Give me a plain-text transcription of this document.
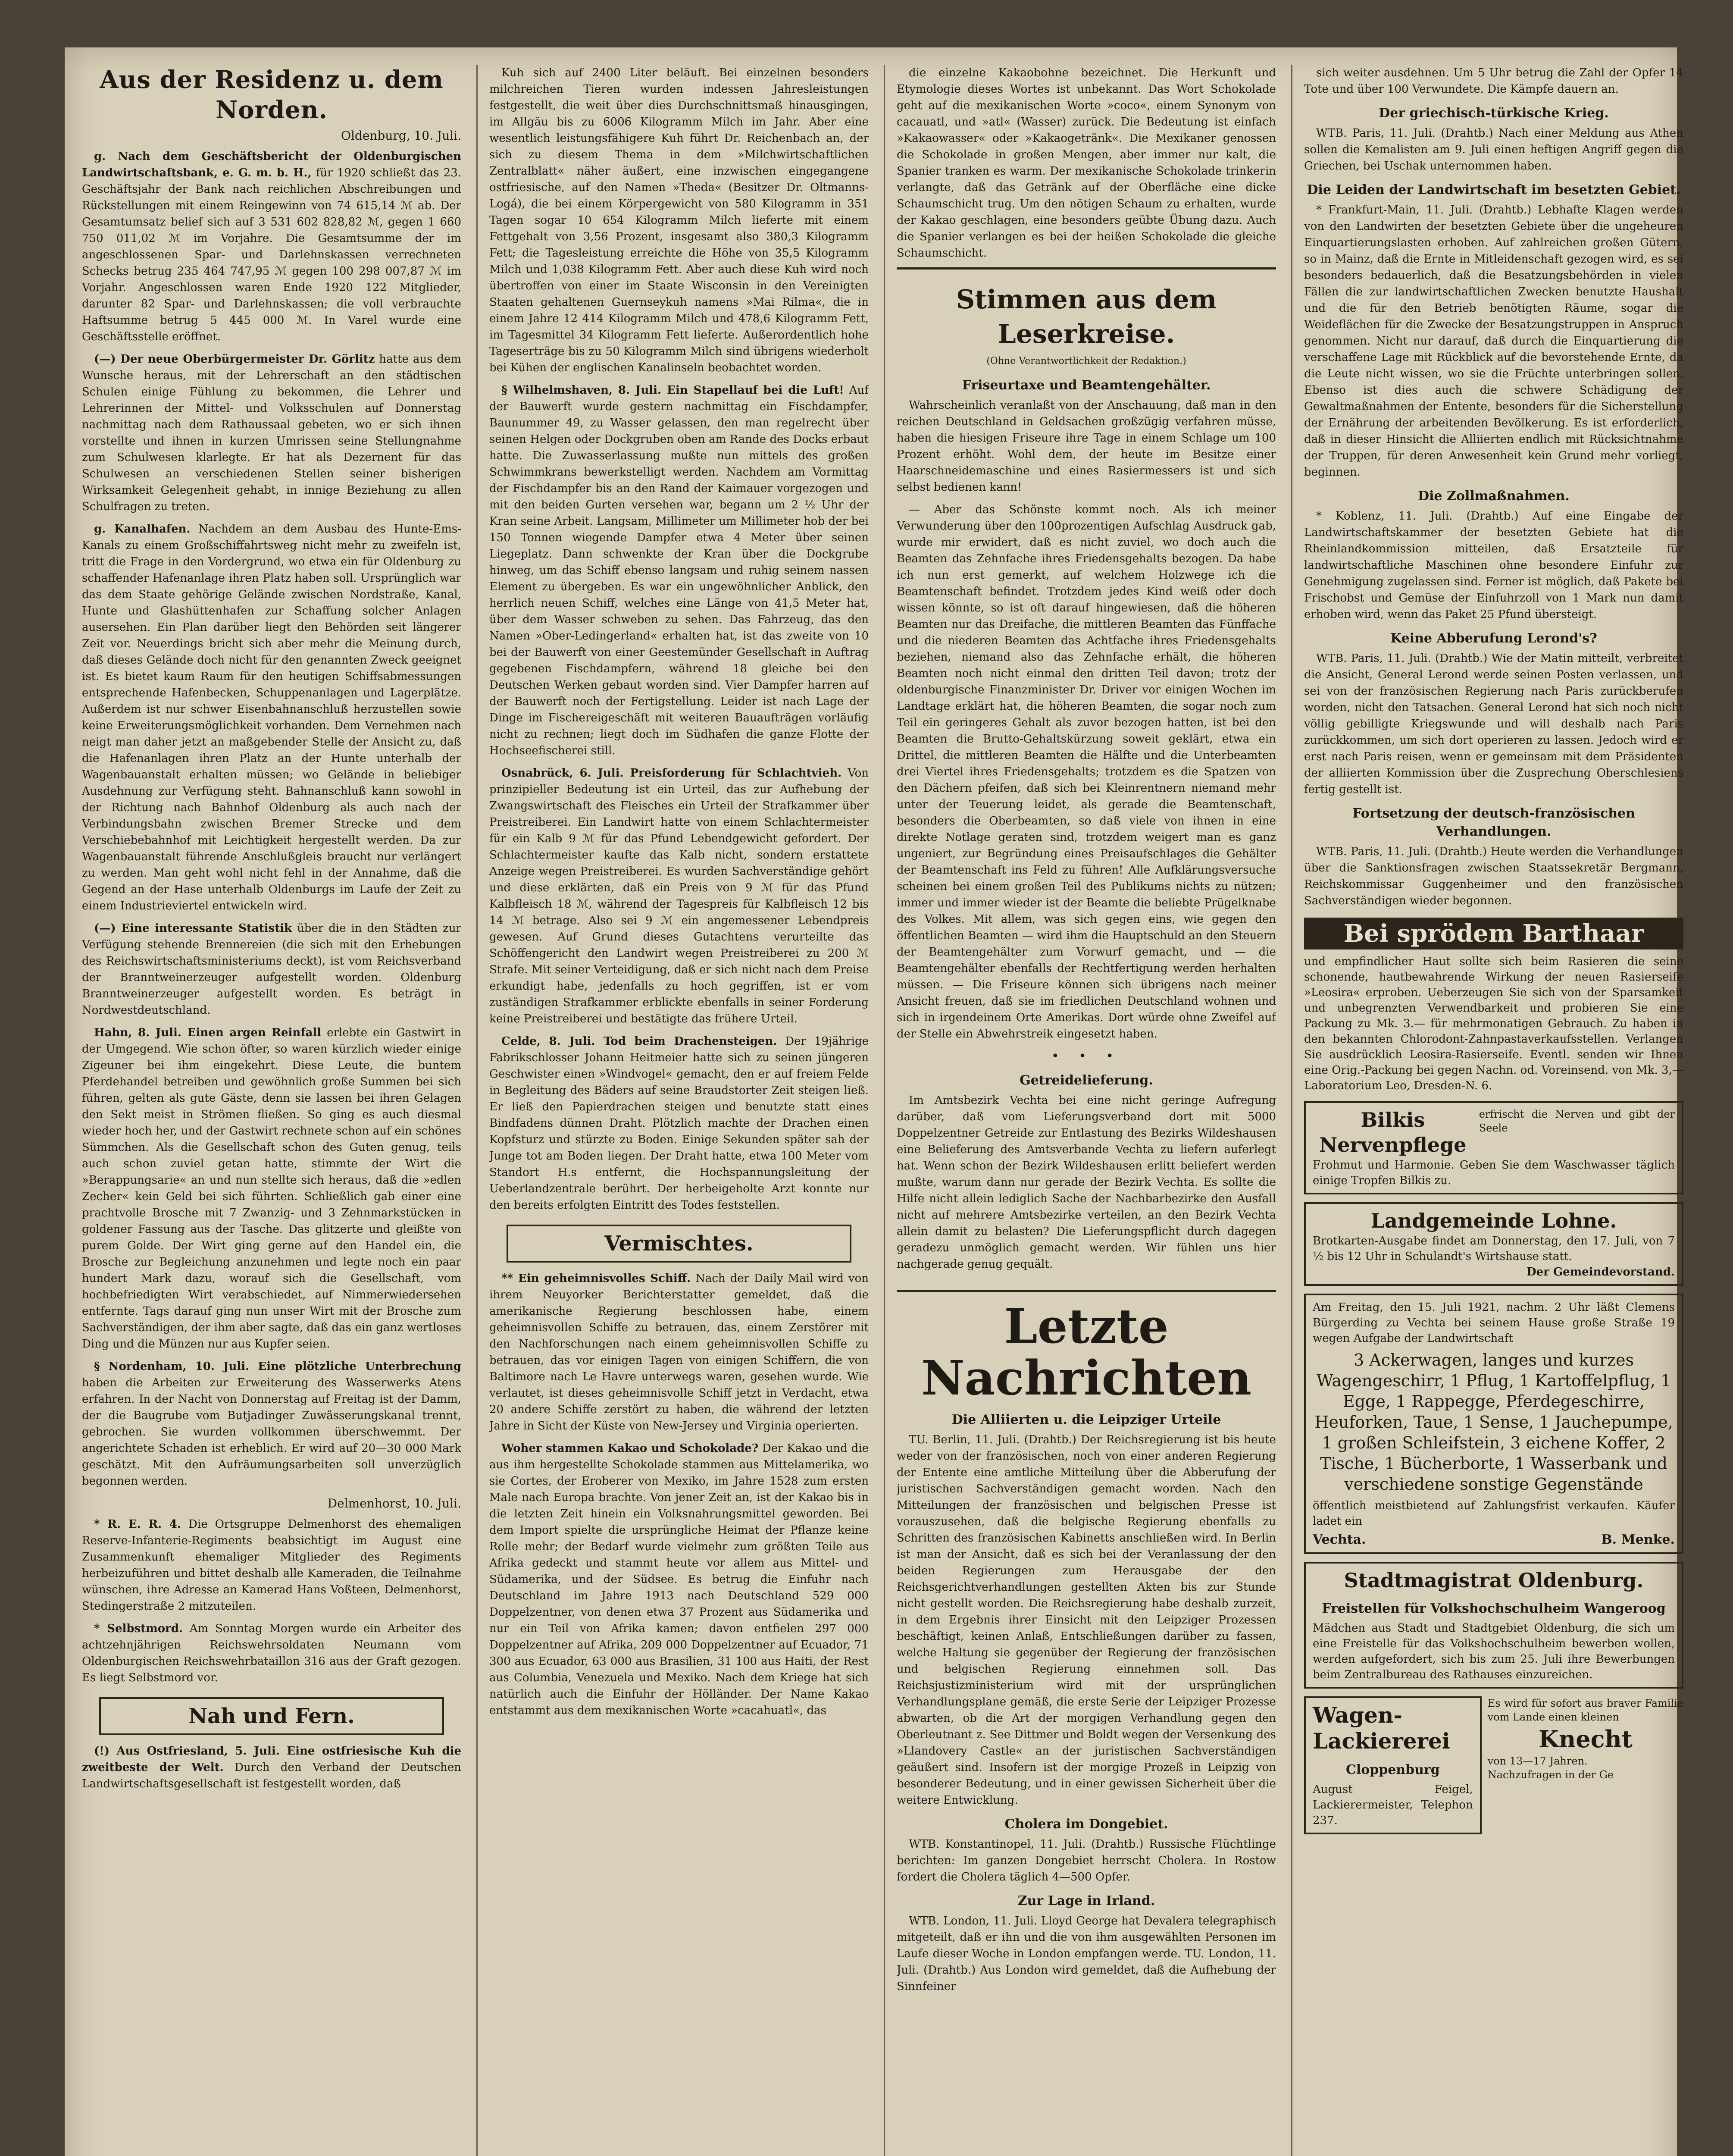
Aus der Residenz u. dem Norden.
Oldenburg, 10. Juli.

g. Nach dem Geschäftsbericht der Oldenburgischen Landwirtschaftsbank, e. G. m. b. H., für 1920 schließt das 23. Geschäftsjahr der Bank nach reichlichen Abschreibungen und Rückstellungen mit einem Reingewinn von 74 615,14 ℳ ab. Der Gesamtumsatz belief sich auf 3 531 602 828,82 ℳ, gegen 1 660 750 011,02 ℳ im Vorjahre. Die Gesamtsumme der im angeschlossenen Spar- und Darlehnskassen verrechneten Schecks betrug 235 464 747,95 ℳ gegen 100 298 007,87 ℳ im Vorjahr. Angeschlossen waren Ende 1920 122 Mitglieder, darunter 82 Spar- und Darlehnskassen; die voll verbrauchte Haftsumme betrug 5 445 000 ℳ. In Varel wurde eine Geschäftsstelle eröffnet.

(—) Der neue Oberbürgermeister Dr. Görlitz hatte aus dem Wunsche heraus, mit der Lehrerschaft an den städtischen Schulen einige Fühlung zu bekommen, die Lehrer und Lehrerinnen der Mittel- und Volksschulen auf Donnerstag nachmittag nach dem Rathaussaal gebeten, wo er sich ihnen vorstellte und ihnen in kurzen Umrissen seine Stellungnahme zum Schulwesen klarlegte. Er hat als Dezernent für das Schulwesen an verschiedenen Stellen seiner bisherigen Wirksamkeit Gelegenheit gehabt, in innige Beziehung zu allen Schulfragen zu treten.

g. Kanalhafen. Nachdem an dem Ausbau des Hunte-Ems-Kanals zu einem Großschiffahrtsweg nicht mehr zu zweifeln ist, tritt die Frage in den Vordergrund, wo etwa ein für Oldenburg zu schaffender Hafenanlage ihren Platz haben soll. Ursprünglich war das dem Staate gehörige Gelände zwischen Nordstraße, Kanal, Hunte und Glashüttenhafen zur Schaffung solcher Anlagen ausersehen. Ein Plan darüber liegt den Behörden seit längerer Zeit vor. Neuerdings bricht sich aber mehr die Meinung durch, daß dieses Gelände doch nicht für den genannten Zweck geeignet ist. Es bietet kaum Raum für den heutigen Schiffsabmessungen entsprechende Hafenbecken, Schuppenanlagen und Lagerplätze. Außerdem ist nur schwer Eisenbahnanschluß herzustellen sowie keine Erweiterungsmöglichkeit vorhanden. Dem Vernehmen nach neigt man daher jetzt an maßgebender Stelle der Ansicht zu, daß die Hafenanlagen ihren Platz an der Hunte unterhalb der Wagenbauanstalt erhalten müssen; wo Gelände in beliebiger Ausdehnung zur Verfügung steht. Bahnanschluß kann sowohl in der Richtung nach Bahnhof Oldenburg als auch nach der Verbindungsbahn zwischen Bremer Strecke und dem Verschiebebahnhof mit Leichtigkeit hergestellt werden. Da zur Wagenbauanstalt führende Anschlußgleis braucht nur verlängert zu werden. Man geht wohl nicht fehl in der Annahme, daß die Gegend an der Hase unterhalb Oldenburgs im Laufe der Zeit zu einem Industrieviertel entwickeln wird.

(—) Eine interessante Statistik über die in den Städten zur Verfügung stehende Brennereien (die sich mit den Erhebungen des Reichswirtschaftsministeriums deckt), ist vom Reichsverband der Branntweinerzeuger aufgestellt worden. Oldenburg Branntweinerzeuger aufgestellt worden. Es beträgt in Nordwestdeutschland.

Hahn, 8. Juli. Einen argen Reinfall erlebte ein Gastwirt in der Umgegend. Wie schon öfter, so waren kürzlich wieder einige Zigeuner bei ihm eingekehrt. Diese Leute, die buntem Pferdehandel betreiben und gewöhnlich große Summen bei sich führen, gelten als gute Gäste, denn sie lassen bei ihren Gelagen den Sekt meist in Strömen fließen. So ging es auch diesmal wieder hoch her, und der Gastwirt rechnete schon auf ein schönes Sümmchen. Als die Gesellschaft schon des Guten genug, teils auch schon zuviel getan hatte, stimmte der Wirt die »Berappungsarie« an und nun stellte sich heraus, daß die »edlen Zecher« kein Geld bei sich führten. Schließlich gab einer eine prachtvolle Brosche mit 7 Zwanzig- und 3 Zehnmarkstücken in goldener Fassung aus der Tasche. Das glitzerte und gleißte von purem Golde. Der Wirt ging gerne auf den Handel ein, die Brosche zur Begleichung anzunehmen und legte noch ein paar hundert Mark dazu, worauf sich die Gesellschaft, vom hochbefriedigten Wirt verabschiedet, auf Nimmerwiedersehen entfernte. Tags darauf ging nun unser Wirt mit der Brosche zum Sachverständigen, der ihm aber sagte, daß das ein ganz wertloses Ding und die Münzen nur aus Kupfer seien.

§ Nordenham, 10. Juli. Eine plötzliche Unterbrechung haben die Arbeiten zur Erweiterung des Wasserwerks Atens erfahren. In der Nacht von Donnerstag auf Freitag ist der Damm, der die Baugrube vom Butjadinger Zuwässerungskanal trennt, gebrochen. Sie wurden vollkommen überschwemmt. Der angerichtete Schaden ist erheblich. Er wird auf 20—30 000 Mark geschätzt. Mit den Aufräumungsarbeiten soll unverzüglich begonnen werden.

Delmenhorst, 10. Juli.

* R. E. R. 4. Die Ortsgruppe Delmenhorst des ehemaligen Reserve-Infanterie-Regiments beabsichtigt im August eine Zusammenkunft ehemaliger Mitglieder des Regiments herbeizuführen und bittet deshalb alle Kameraden, die Teilnahme wünschen, ihre Adresse an Kamerad Hans Voßteen, Delmenhorst, Stedingerstraße 2 mitzuteilen.

* Selbstmord. Am Sonntag Morgen wurde ein Arbeiter des achtzehnjährigen Reichswehrsoldaten Neumann vom Oldenburgischen Reichswehrbataillon 316 aus der Graft gezogen. Es liegt Selbstmord vor.

Nah und Fern.

(!) Aus Ostfriesland, 5. Juli. Eine ostfriesische Kuh die zweitbeste der Welt. Durch den Verband der Deutschen Landwirtschaftsgesellschaft ist festgestellt worden, daß

Kuh sich auf 2400 Liter beläuft. Bei einzelnen besonders milchreichen Tieren wurden indessen Jahresleistungen festgestellt, die weit über dies Durchschnittsmaß hinausgingen, im Allgäu bis zu 6006 Kilogramm Milch im Jahr. Aber eine wesentlich leistungsfähigere Kuh führt Dr. Reichenbach an, der sich zu diesem Thema in dem »Milchwirtschaftlichen Zentralblatt« näher äußert, eine inzwischen eingegangene ostfriesische, auf den Namen »Theda« (Besitzer Dr. Oltmanns-Logá), die bei einem Körpergewicht von 580 Kilogramm in 351 Tagen sogar 10 654 Kilogramm Milch lieferte mit einem Fettgehalt von 3,56 Prozent, insgesamt also 380,3 Kilogramm Fett; die Tagesleistung erreichte die Höhe von 35,5 Kilogramm Milch und 1,038 Kilogramm Fett. Aber auch diese Kuh wird noch übertroffen von einer im Staate Wisconsin in den Vereinigten Staaten gehaltenen Guernseykuh namens »Mai Rilma«, die in einem Jahre 12 414 Kilogramm Milch und 478,6 Kilogramm Fett, im Tagesmittel 34 Kilogramm Fett lieferte. Außerordentlich hohe Tageserträge bis zu 50 Kilogramm Milch sind übrigens wiederholt bei Kühen der englischen Kanalinseln beobachtet worden.

§ Wilhelmshaven, 8. Juli. Ein Stapellauf bei die Luft! Auf der Bauwerft wurde gestern nachmittag ein Fischdampfer, Baunummer 49, zu Wasser gelassen, den man regelrecht über seinen Helgen oder Dockgruben oben am Rande des Docks erbaut hatte. Die Zuwasserlassung mußte nun mittels des großen Schwimmkrans bewerkstelligt werden. Nachdem am Vormittag der Fischdampfer bis an den Rand der Kaimauer vorgezogen und mit den beiden Gurten versehen war, begann um 2 ½ Uhr der Kran seine Arbeit. Langsam, Millimeter um Millimeter hob der bei 150 Tonnen wiegende Dampfer etwa 4 Meter über seinen Liegeplatz. Dann schwenkte der Kran über die Dockgrube hinweg, um das Schiff ebenso langsam und ruhig seinem nassen Element zu übergeben. Es war ein ungewöhnlicher Anblick, den herrlich neuen Schiff, welches eine Länge von 41,5 Meter hat, über dem Wasser schweben zu sehen. Das Fahrzeug, das den Namen »Ober-Ledingerland« erhalten hat, ist das zweite von 10 bei der Bauwerft von einer Geestemünder Gesellschaft in Auftrag gegebenen Fischdampfern, während 18 gleiche bei den Deutschen Werken gebaut worden sind. Vier Dampfer harren auf der Bauwerft noch der Fertigstellung. Leider ist nach Lage der Dinge im Fischereigeschäft mit weiteren Bauaufträgen vorläufig nicht zu rechnen; liegt doch im Südhafen die ganze Flotte der Hochseefischerei still.

Osnabrück, 6. Juli. Preisforderung für Schlachtvieh. Von prinzipieller Bedeutung ist ein Urteil, das zur Aufhebung der Zwangswirtschaft des Fleisches ein Urteil der Strafkammer über Preistreiberei. Ein Landwirt hatte von einem Schlachtermeister für ein Kalb 9 ℳ für das Pfund Lebendgewicht gefordert. Der Schlachtermeister kaufte das Kalb nicht, sondern erstattete Anzeige wegen Preistreiberei. Es wurden Sachverständige gehört und diese erklärten, daß ein Preis von 9 ℳ für das Pfund Kalbfleisch 18 ℳ, während der Tagespreis für Kalbfleisch 12 bis 14 ℳ betrage. Also sei 9 ℳ ein angemessener Lebendpreis gewesen. Auf Grund dieses Gutachtens verurteilte das Schöffengericht den Landwirt wegen Preistreiberei zu 200 ℳ Strafe. Mit seiner Verteidigung, daß er sich nicht nach dem Preise erkundigt habe, jedenfalls zu hoch gegriffen, ist er vom zuständigen Strafkammer erblickte ebenfalls in seiner Forderung keine Preistreiberei und bestätigte das frühere Urteil.

Celde, 8. Juli. Tod beim Drachensteigen. Der 19jährige Fabrikschlosser Johann Heitmeier hatte sich zu seinen jüngeren Geschwister einen »Windvogel« gemacht, den er auf freiem Felde in Begleitung des Bäders auf seine Braudstorter Zeit steigen ließ. Er ließ den Papierdrachen steigen und benutzte statt eines Bindfadens dünnen Draht. Plötzlich machte der Drachen einen Kopfsturz und stürzte zu Boden. Einige Sekunden später sah der Junge tot am Boden liegen. Der Draht hatte, etwa 100 Meter vom Standort H.s entfernt, die Hochspannungsleitung der Ueberlandzentrale berührt. Der herbeigeholte Arzt konnte nur den bereits erfolgten Eintritt des Todes feststellen.

Vermischtes.

** Ein geheimnisvolles Schiff. Nach der Daily Mail wird von ihrem Neuyorker Berichterstatter gemeldet, daß die amerikanische Regierung beschlossen habe, einem geheimnisvollen Schiffe zu betrauen, das, einem Zerstörer mit den Nachforschungen nach einem geheimnisvollen Schiffe zu betrauen, das vor einigen Tagen von einigen Schiffern, die von Baltimore nach Le Havre unterwegs waren, gesehen wurde. Wie verlautet, ist dieses geheimnisvolle Schiff jetzt in Verdacht, etwa 20 andere Schiffe zerstört zu haben, die während der letzten Jahre in Sicht der Küste von New-Jersey und Virginia operierten.

Woher stammen Kakao und Schokolade? Der Kakao und die aus ihm hergestellte Schokolade stammen aus Mittelamerika, wo sie Cortes, der Eroberer von Mexiko, im Jahre 1528 zum ersten Male nach Europa brachte. Von jener Zeit an, ist der Kakao bis in die letzten Zeit hinein ein Volksnahrungsmittel geworden. Bei dem Import spielte die ursprüngliche Heimat der Pflanze keine Rolle mehr; der Bedarf wurde vielmehr zum größten Teile aus Afrika gedeckt und stammt heute vor allem aus Mittel- und Südamerika, und der Südsee. Es betrug die Einfuhr nach Deutschland im Jahre 1913 nach Deutschland 529 000 Doppelzentner, von denen etwa 37 Prozent aus Südamerika und nur ein Teil von Afrika kamen; davon entfielen 297 000 Doppelzentner auf Afrika, 209 000 Doppelzentner auf Ecuador, 71 300 aus Ecuador, 63 000 aus Brasilien, 31 100 aus Haiti, der Rest aus Columbia, Venezuela und Mexiko. Nach dem Kriege hat sich natürlich auch die Einfuhr der Hölländer. Der Name Kakao entstammt aus dem mexikanischen Worte »cacahuatl«, das

die einzelne Kakaobohne bezeichnet. Die Herkunft und Etymologie dieses Wortes ist unbekannt. Das Wort Schokolade geht auf die mexikanischen Worte »coco«, einem Synonym von cacauatl, und »atl« (Wasser) zurück. Die Bedeutung ist einfach »Kakaowasser« oder »Kakaogetränk«. Die Mexikaner genossen die Schokolade in großen Mengen, aber immer nur kalt, die Spanier tranken es warm. Der mexikanische Schokolade trinkerin verlangte, daß das Getränk auf der Oberfläche eine dicke Schaumschicht trug. Um den nötigen Schaum zu erhalten, wurde der Kakao geschlagen, eine besonders geübte Übung dazu. Auch die Spanier verlangen es bei der heißen Schokolade die gleiche Schaumschicht.

Stimmen aus dem Leserkreise.
(Ohne Verantwortlichkeit der Redaktion.)
Friseurtaxe und Beamtengehälter.

Wahrscheinlich veranlaßt von der Anschauung, daß man in den reichen Deutschland in Geldsachen großzügig verfahren müsse, haben die hiesigen Friseure ihre Tage in einem Schlage um 100 Prozent erhöht. Wohl dem, der heute im Besitze einer Haarschneidemaschine und eines Rasiermessers ist und sich selbst bedienen kann!

— Aber das Schönste kommt noch. Als ich meiner Verwunderung über den 100prozentigen Aufschlag Ausdruck gab, wurde mir erwidert, daß es nicht zuviel, wo doch auch die Beamten das Zehnfache ihres Friedensgehalts bezogen. Da habe ich nun erst gemerkt, auf welchem Holzwege ich die Beamtenschaft befindet. Trotzdem jedes Kind weiß oder doch wissen könnte, so ist oft darauf hingewiesen, daß die höheren Beamten nur das Dreifache, die mittleren Beamten das Fünffache und die niederen Beamten das Achtfache ihres Friedensgehalts beziehen, niemand also das Zehnfache erhält, die höheren Beamten noch nicht einmal den dritten Teil davon; trotz der oldenburgische Finanzminister Dr. Driver vor einigen Wochen im Landtage erklärt hat, die höheren Beamten, die sogar noch zum Teil ein geringeres Gehalt als zuvor bezogen hatten, ist bei den Beamten die Brutto-Gehaltskürzung soweit geklärt, etwa ein Drittel, die mittleren Beamten die Hälfte und die Unterbeamten drei Viertel ihres Friedensgehalts; trotzdem es die Spatzen von den Dächern pfeifen, daß sich bei Kleinrentnern niemand mehr unter der Teuerung leidet, als gerade die Beamtenschaft, besonders die Oberbeamten, so daß viele von ihnen in eine direkte Notlage geraten sind, trotzdem weigert man es ganz ungeniert, zur Begründung eines Preisaufschlages die Gehälter der Beamtenschaft ins Feld zu führen! Alle Aufklärungsversuche scheinen bei einem großen Teil des Publikums nichts zu nützen; immer und immer wieder ist der Beamte die beliebte Prügelknabe des Volkes. Mit allem, was sich gegen eins, wie gegen den öffentlichen Beamten — wird ihm die Hauptschuld an den Steuern der Beamtengehälter zum Vorwurf gemacht, und — die Beamtengehälter ebenfalls der Rechtfertigung werden herhalten müssen. — Die Friseure können sich übrigens nach meiner Ansicht freuen, daß sie im friedlichen Deutschland wohnen und sich in irgendeinem Orte Amerikas. Dort würde ohne Zweifel auf der Stelle ein Abwehrstreik eingesetzt haben.

• • •
Getreidelieferung.

Im Amtsbezirk Vechta bei eine nicht geringe Aufregung darüber, daß vom Lieferungsverband dort mit 5000 Doppelzentner Getreide zur Entlastung des Bezirks Wildeshausen eine Belieferung des Amtsverbande Vechta zu liefern auferlegt hat. Wenn schon der Bezirk Wildeshausen erlitt beliefert werden mußte, warum dann nur gerade der Bezirk Vechta. Es sollte die Hilfe nicht allein lediglich Sache der Nachbarbezirke den Ausfall nicht auf mehrere Amtsbezirke verteilen, an den Bezirk Vechta allein damit zu belasten? Die Lieferungspflicht durch dagegen geradezu unmöglich gemacht werden. Wir fühlen uns hier nachgerade genug gequält.

Letzte Nachrichten
Die Alliierten u. die Leipziger Urteile

TU. Berlin, 11. Juli. (Drahtb.) Der Reichsregierung ist bis heute weder von der französischen, noch von einer anderen Regierung der Entente eine amtliche Mitteilung über die Abberufung der juristischen Sachverständigen gemacht worden. Nach den Mitteilungen der französischen und belgischen Presse ist vorauszusehen, daß die belgische Regierung ebenfalls zu Schritten des französischen Kabinetts anschließen wird. In Berlin ist man der Ansicht, daß es sich bei der Veranlassung der den beiden Regierungen zum Herausgabe der den Reichsgerichtverhandlungen gestellten Akten bis zur Stunde nicht gestellt worden. Die Reichsregierung habe deshalb zurzeit, in dem Ergebnis ihrer Einsicht mit den Leipziger Prozessen beschäftigt, keinen Anlaß, Entschließungen darüber zu fassen, welche Haltung sie gegenüber der Regierung der französischen und belgischen Regierung einnehmen soll. Das Reichsjustizministerium wird mit der ursprünglichen Verhandlungsplane gemäß, die erste Serie der Leipziger Prozesse abwarten, ob die Art der morgigen Verhandlung gegen den Oberleutnant z. See Dittmer und Boldt wegen der Versenkung des »Llandovery Castle« an der juristischen Sachverständigen geäußert sind. Insofern ist der morgige Prozeß in Leipzig von besonderer Bedeutung, und in einer gewissen Sicherheit über die weitere Entwicklung.

Cholera im Dongebiet.

WTB. Konstantinopel, 11. Juli. (Drahtb.) Russische Flüchtlinge berichten: Im ganzen Dongebiet herrscht Cholera. In Rostow fordert die Cholera täglich 4—500 Opfer.

Zur Lage in Irland.

WTB. London, 11. Juli. Lloyd George hat Devalera telegraphisch mitgeteilt, daß er ihn und die von ihm ausgewählten Personen im Laufe dieser Woche in London empfangen werde. TU. London, 11. Juli. (Drahtb.) Aus London wird gemeldet, daß die Aufhebung der Sinnfeiner

sich weiter ausdehnen. Um 5 Uhr betrug die Zahl der Opfer 14 Tote und über 100 Verwundete. Die Kämpfe dauern an.

Der griechisch-türkische Krieg.

WTB. Paris, 11. Juli. (Drahtb.) Nach einer Meldung aus Athen sollen die Kemalisten am 9. Juli einen heftigen Angriff gegen die Griechen, bei Uschak unternommen haben.

Die Leiden der Landwirtschaft im besetzten Gebiet.

* Frankfurt-Main, 11. Juli. (Drahtb.) Lebhafte Klagen werden von den Landwirten der besetzten Gebiete über die ungeheuren Einquartierungslasten erhoben. Auf zahlreichen großen Gütern, so in Mainz, daß die Ernte in Mitleidenschaft gezogen wird, es sei besonders bedauerlich, daß die Besatzungsbehörden in vielen Fällen die zur landwirtschaftlichen Zwecken benutzte Haushalt und die für den Betrieb benötigten Räume, sogar die Weideflächen für die Zwecke der Besatzungstruppen in Anspruch genommen. Nicht nur darauf, daß durch die Einquartierung die verschaffene Lage mit Rückblick auf die bevorstehende Ernte, da die Leute nicht wissen, wo sie die Früchte unterbringen sollen. Ebenso ist dies auch die schwere Schädigung der Gewaltmaßnahmen der Entente, besonders für die Sicherstellung der Ernährung der arbeitenden Bevölkerung. Es ist erforderlich, daß in dieser Hinsicht die Alliierten endlich mit Rücksichtnahme der Truppen, für deren Anwesenheit kein Grund mehr vorliegt, beginnen.

Die Zollmaßnahmen.

* Koblenz, 11. Juli. (Drahtb.) Auf eine Eingabe der Landwirtschaftskammer der besetzten Gebiete hat die Rheinlandkommission mitteilen, daß Ersatzteile für landwirtschaftliche Maschinen ohne besondere Einfuhr zur Genehmigung zugelassen sind. Ferner ist möglich, daß Pakete bei Frischobst und Gemüse der Einfuhrzoll von 1 Mark nun damit erhoben wird, wenn das Paket 25 Pfund übersteigt.

Keine Abberufung Lerond's?

WTB. Paris, 11. Juli. (Drahtb.) Wie der Matin mitteilt, verbreitet die Ansicht, General Lerond werde seinen Posten verlassen, und sei von der französischen Regierung nach Paris zurückberufen worden, nicht den Tatsachen. General Lerond hat sich noch nicht völlig gebilligte Kriegswunde und will deshalb nach Paris zurückkommen, um sich dort operieren zu lassen. Jedoch wird er erst nach Paris reisen, wenn er gemeinsam mit dem Präsidenten der alliierten Kommission über die Zusprechung Oberschlesiens fertig gestellt ist.

Fortsetzung der deutsch-französischen Verhandlungen.

WTB. Paris, 11. Juli. (Drahtb.) Heute werden die Verhandlungen über die Sanktionsfragen zwischen Staatssekretär Bergmann, Reichskommissar Guggenheimer und den französischen Sachverständigen wieder begonnen.

Bei sprödem Barthaar
und empfindlicher Haut sollte sich beim Rasieren die seine schonende, hautbewahrende Wirkung der neuen Rasierseife »Leosira« erproben. Ueberzeugen Sie sich von der Sparsamkeit und unbegrenzten Verwendbarkeit und probieren Sie eine Packung zu Mk. 3.— für mehrmonatigen Gebrauch. Zu haben in den bekannten Chlorodont-Zahnpastaverkaufsstellen. Verlangen Sie ausdrücklich Leosira-Rasierseife. Eventl. senden wir Ihnen eine Orig.-Packung bei gegen Nachn. od. Voreinsend. von Mk. 3,— Laboratorium Leo, Dresden-N. 6.
Bilkis Nervenpflege
erfrischt die Nerven und gibt der Seele
Frohmut und Harmonie. Geben Sie dem Waschwasser täglich einige Tropfen Bilkis zu.
Landgemeinde Lohne.
Brotkarten-Ausgabe findet am Donnerstag, den 17. Juli, von 7 ½ bis 12 Uhr in Schulandt's Wirtshause statt.
Der Gemeindevorstand.
Am Freitag, den 15. Juli 1921, nachm. 2 Uhr läßt Clemens Bürgerding zu Vechta bei seinem Hause große Straße 19 wegen Aufgabe der Landwirtschaft
3 Ackerwagen, langes und kurzes Wagengeschirr, 1 Pflug, 1 Kartoffelpflug, 1 Egge, 1 Rappegge, Pferdegeschirre, Heuforken, Taue, 1 Sense, 1 Jauchepumpe, 1 großen Schleifstein, 3 eichene Koffer, 2 Tische, 1 Bücherborte, 1 Wasserbank und verschiedene sonstige Gegenstände
öffentlich meistbietend auf Zahlungsfrist verkaufen. Käufer ladet ein
Vechta.	B. Menke.
Stadtmagistrat Oldenburg.
Freistellen für Volkshochschulheim Wangeroog
Mädchen aus Stadt und Stadtgebiet Oldenburg, die sich um eine Freistelle für das Volkshochschulheim bewerben wollen, werden aufgefordert, sich bis zum 25. Juli ihre Bewerbungen beim Zentralbureau des Rathauses einzureichen.
Wagen-Lackiererei
Cloppenburg
August Feigel, Lackierermeister, Telephon 237.
Es wird für sofort aus braver Familie vom Lande einen kleinen
Knecht
von 13—17 Jahren.
Nachzufragen in der Ge
